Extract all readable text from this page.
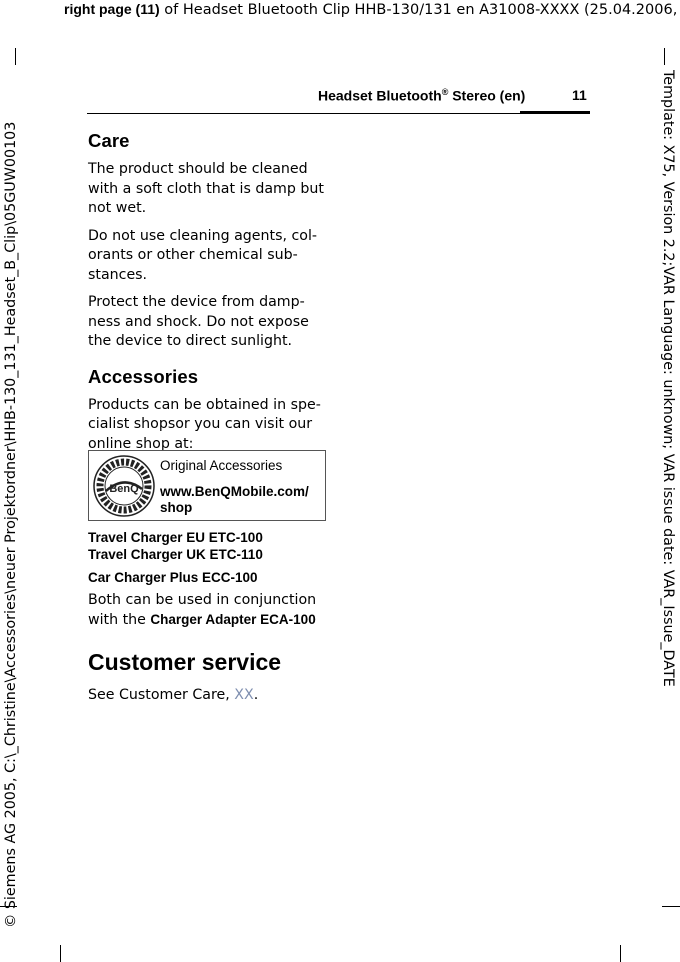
right page (11) of Headset Bluetooth Clip HHB-130/131 en A31008-XXXX (25.04.2006,
© Siemens AG 2005, C:\_Christine\Accessories\neuer Projektordner\HHB-130_131_Headset_B_Clip\05GUW00103	Template: X75, Version 2.2;VAR Language: unknown; VAR issue date: VAR_Issue_DATE
Headset Bluetooth® Stereo (en)	11
Care
The product should be cleaned with a soft cloth that is damp but not wet.
Do not use cleaning agents, col-orants or other chemical sub-stances.
Protect the device from damp-ness and shock. Do not expose the device to direct sunlight.
Accessories
Products can be obtained in spe-cialist shopsor you can visit our online shop at:
BenQ
Original Accessories
www.BenQMobile.com/ shop
Travel Charger EU ETC-100
Travel Charger UK ETC-110
Car Charger Plus ECC-100
Both can be used in conjunction with the Charger Adapter ECA-100
Customer service
See Customer Care, XX.
